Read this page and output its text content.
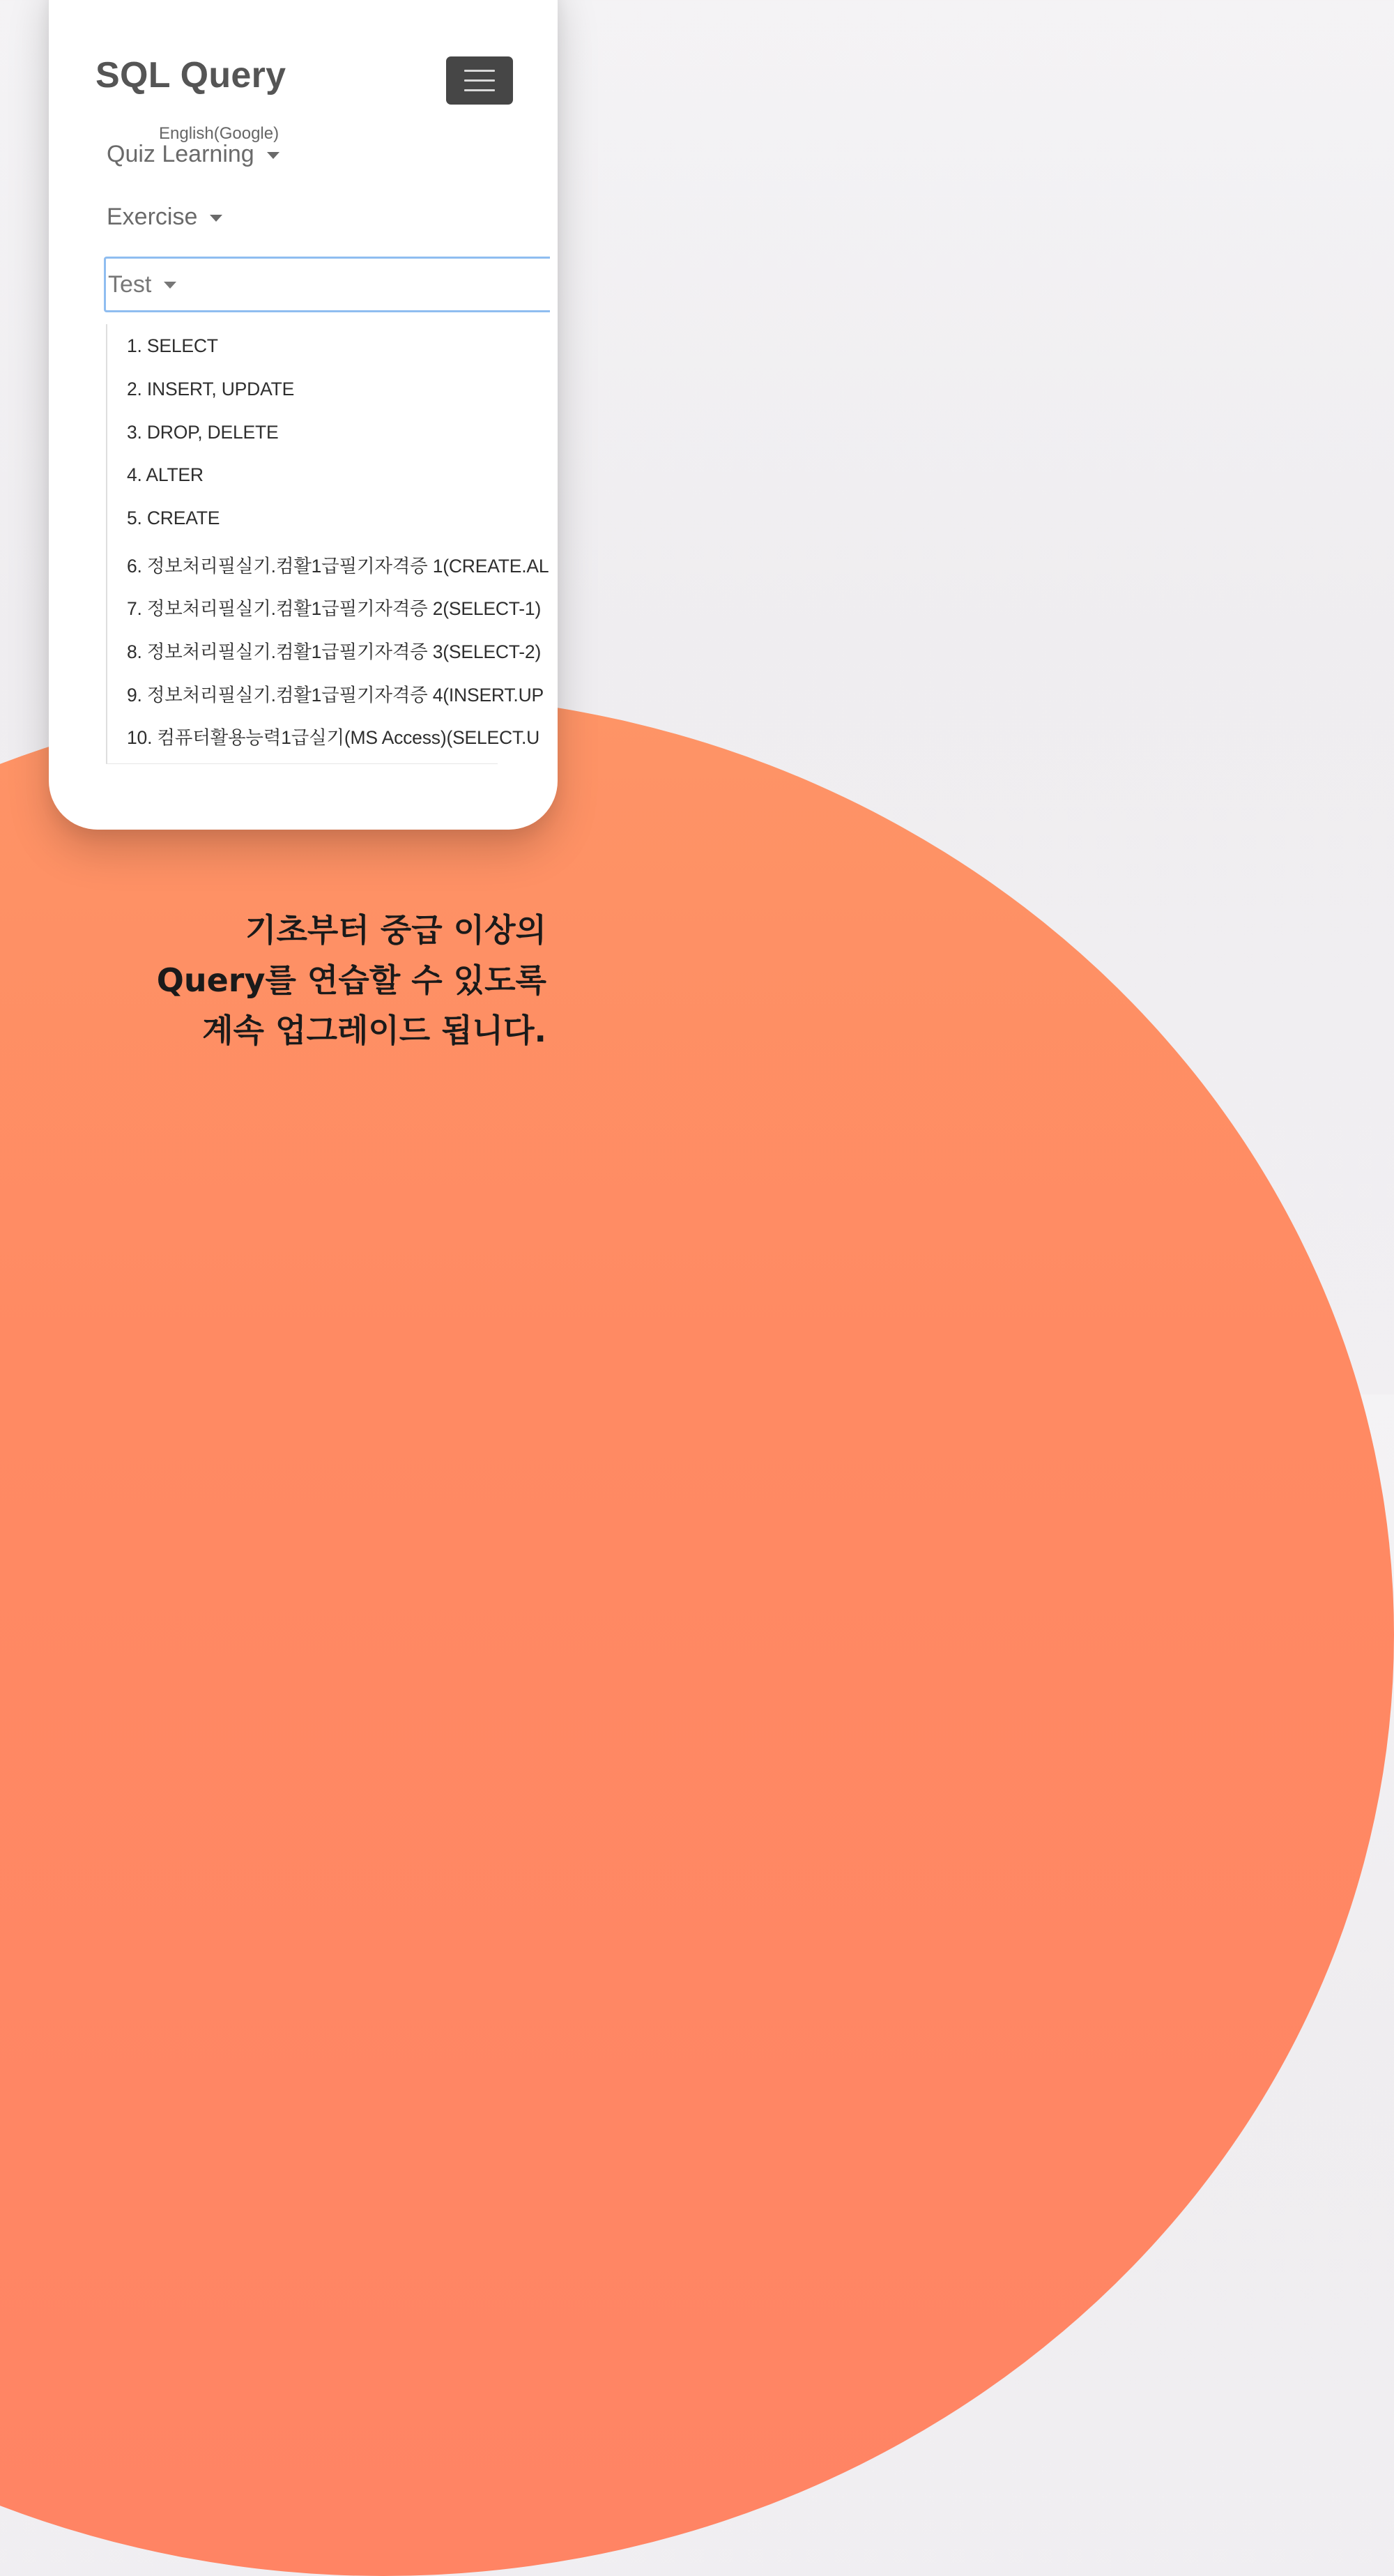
SQL Query
English(Google)
Quiz Learning
Exercise
Test
1. SELECT
2. INSERT, UPDATE
3. DROP, DELETE
4. ALTER
5. CREATE
6. 정보처리필실기.컴활1급필기자격증 1(CREATE.AL
7. 정보처리필실기.컴활1급필기자격증 2(SELECT-1)
8. 정보처리필실기.컴활1급필기자격증 3(SELECT-2)
9. 정보처리필실기.컴활1급필기자격증 4(INSERT.UP
10. 컴퓨터활용능력1급실기(MS Access)(SELECT.U
기초부터 중급 이상의
Query를 연습할 수 있도록
계속 업그레이드 됩니다.
